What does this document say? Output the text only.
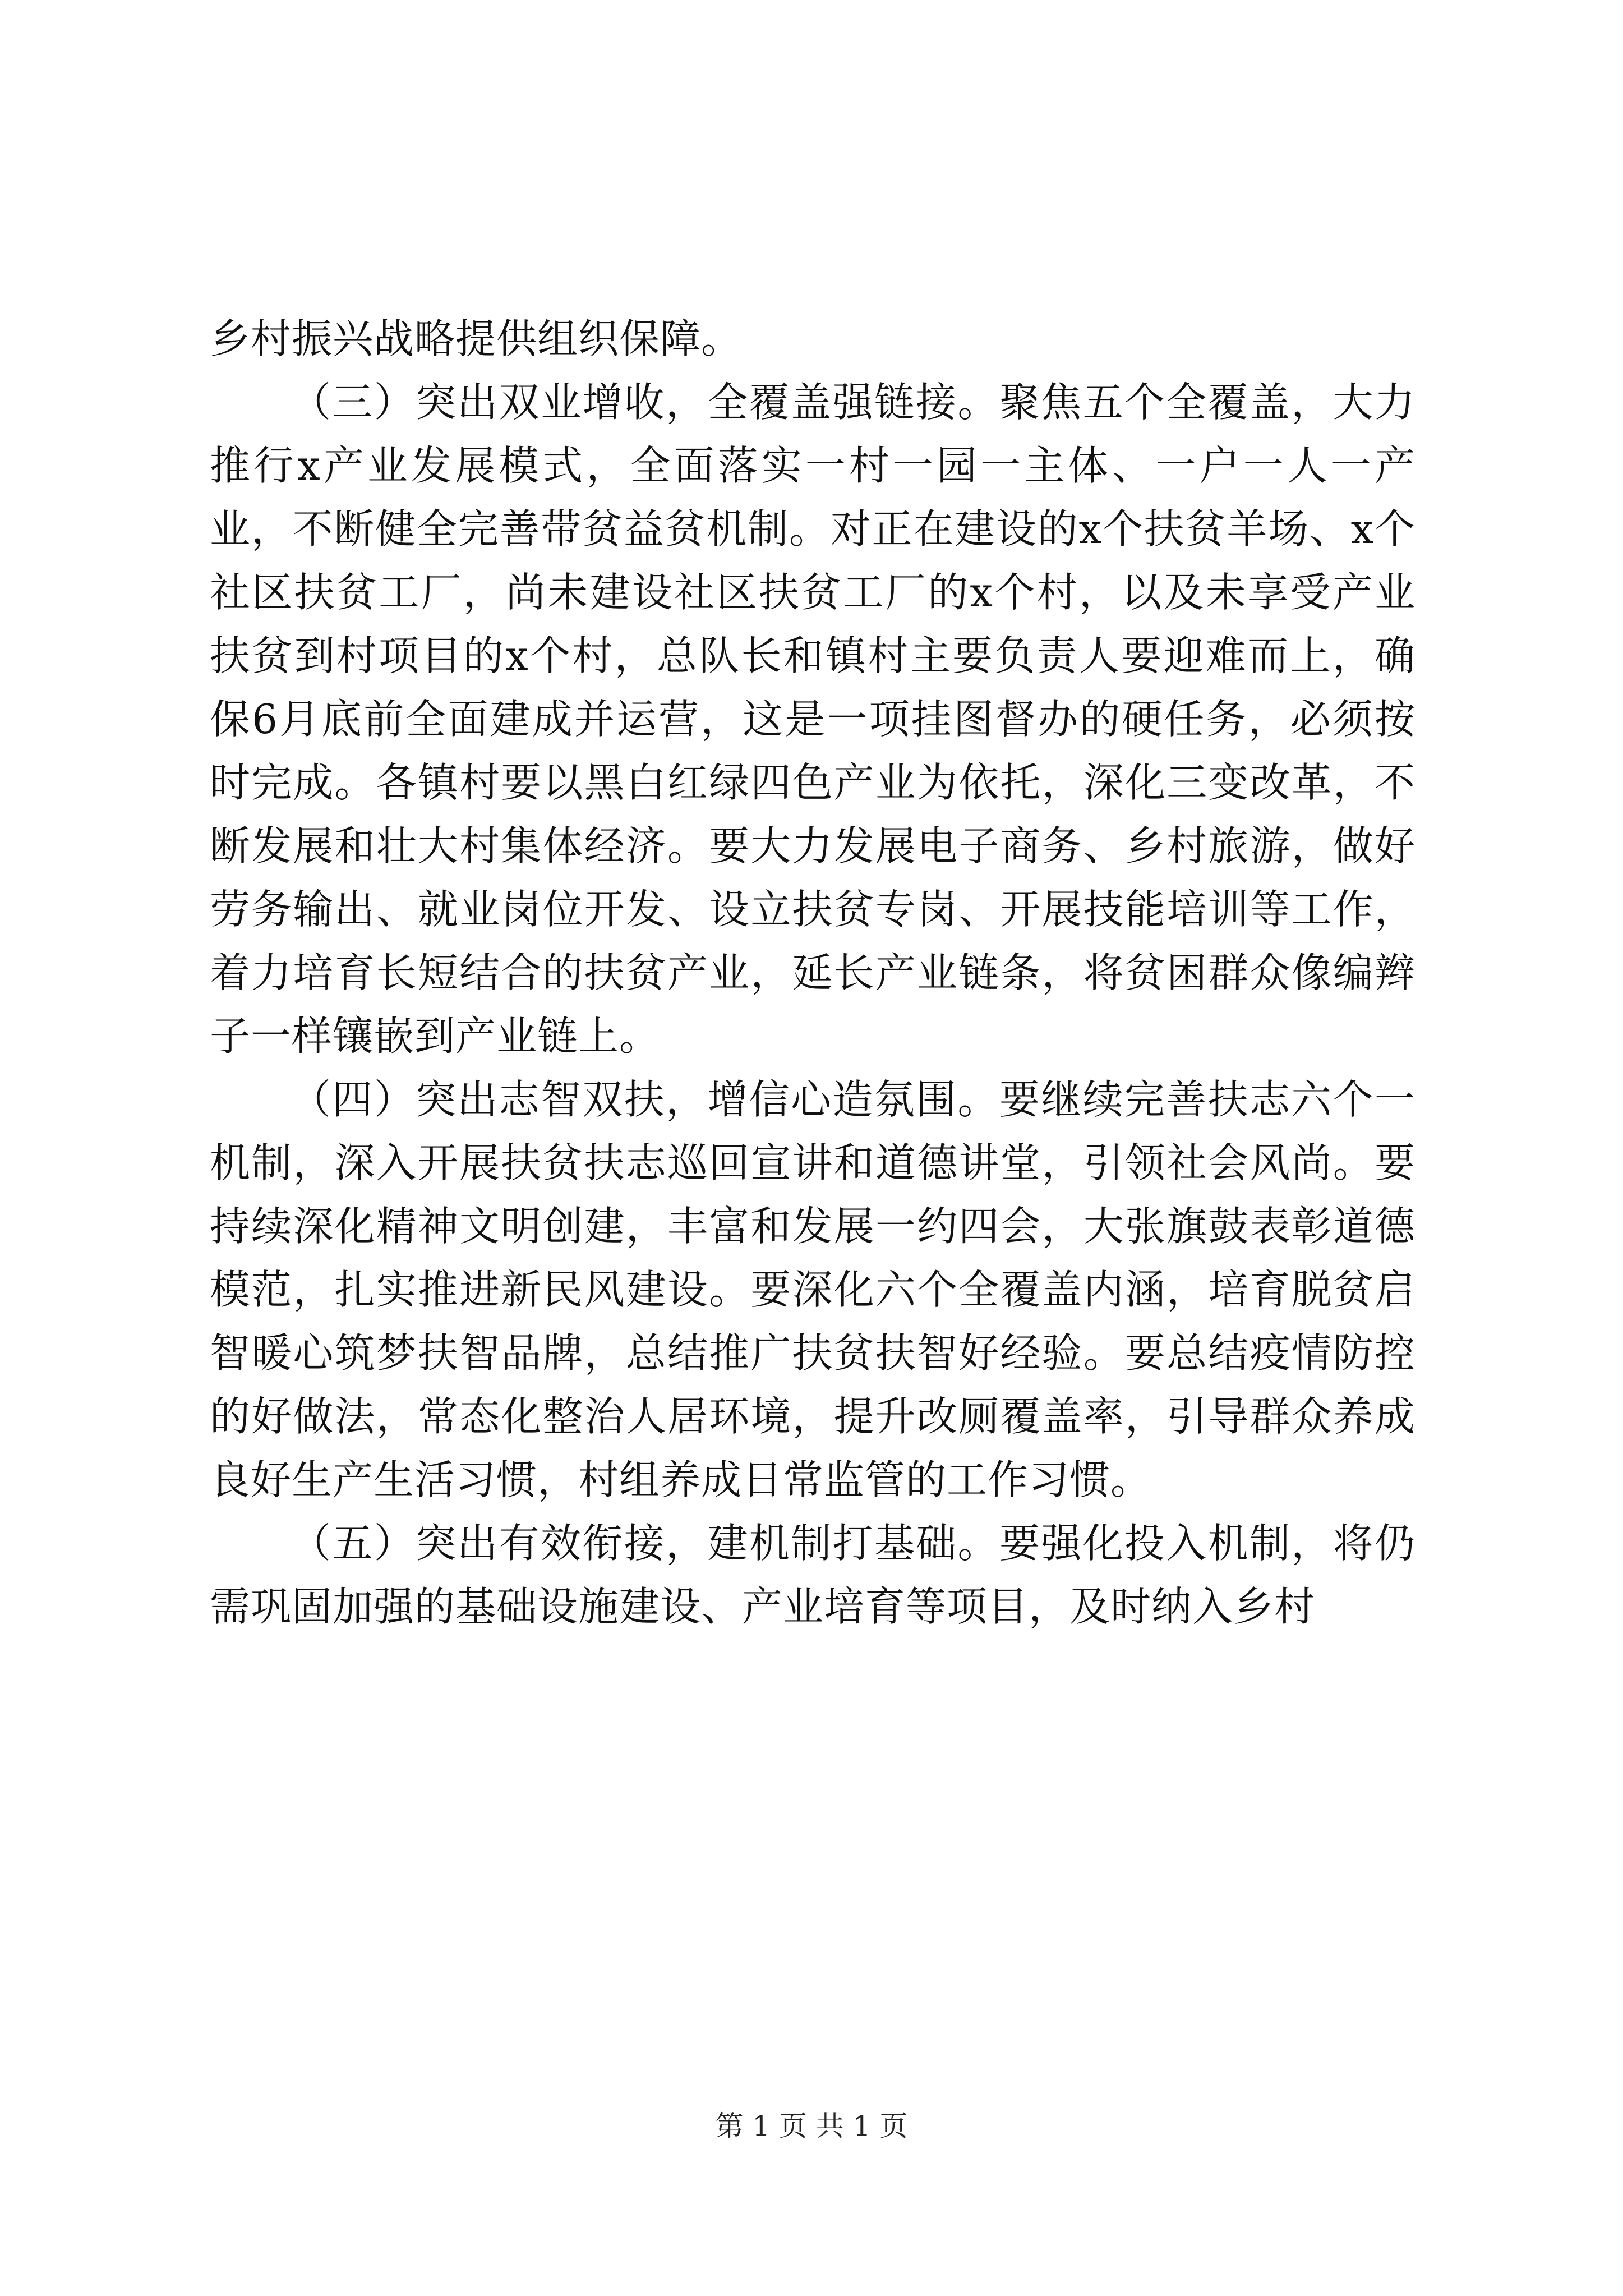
乡村振兴战略提供组织保障。

（三）突出双业增收，全覆盖强链接。聚焦五个全覆盖，大力推行x产业发展模式，全面落实一村一园一主体、一户一人一产业，不断健全完善带贫益贫机制。对正在建设的x个扶贫羊场、x个社区扶贫工厂，尚未建设社区扶贫工厂的x个村，以及未享受产业扶贫到村项目的x个村，总队长和镇村主要负责人要迎难而上，确保6月底前全面建成并运营，这是一项挂图督办的硬任务，必须按时完成。各镇村要以黑白红绿四色产业为依托，深化三变改革，不断发展和壮大村集体经济。要大力发展电子商务、乡村旅游，做好劳务输出、就业岗位开发、设立扶贫专岗、开展技能培训等工作，着力培育长短结合的扶贫产业，延长产业链条，将贫困群众像编辫子一样镶嵌到产业链上。

（四）突出志智双扶，增信心造氛围。要继续完善扶志六个一机制，深入开展扶贫扶志巡回宣讲和道德讲堂，引领社会风尚。要持续深化精神文明创建，丰富和发展一约四会，大张旗鼓表彰道德模范，扎实推进新民风建设。要深化六个全覆盖内涵，培育脱贫启智暖心筑梦扶智品牌，总结推广扶贫扶智好经验。要总结疫情防控的好做法，常态化整治人居环境，提升改厕覆盖率，引导群众养成良好生产生活习惯，村组养成日常监管的工作习惯。

（五）突出有效衔接，建机制打基础。要强化投入机制，将仍需巩固加强的基础设施建设、产业培育等项目，及时纳入乡村

第 1 页 共 1 页
